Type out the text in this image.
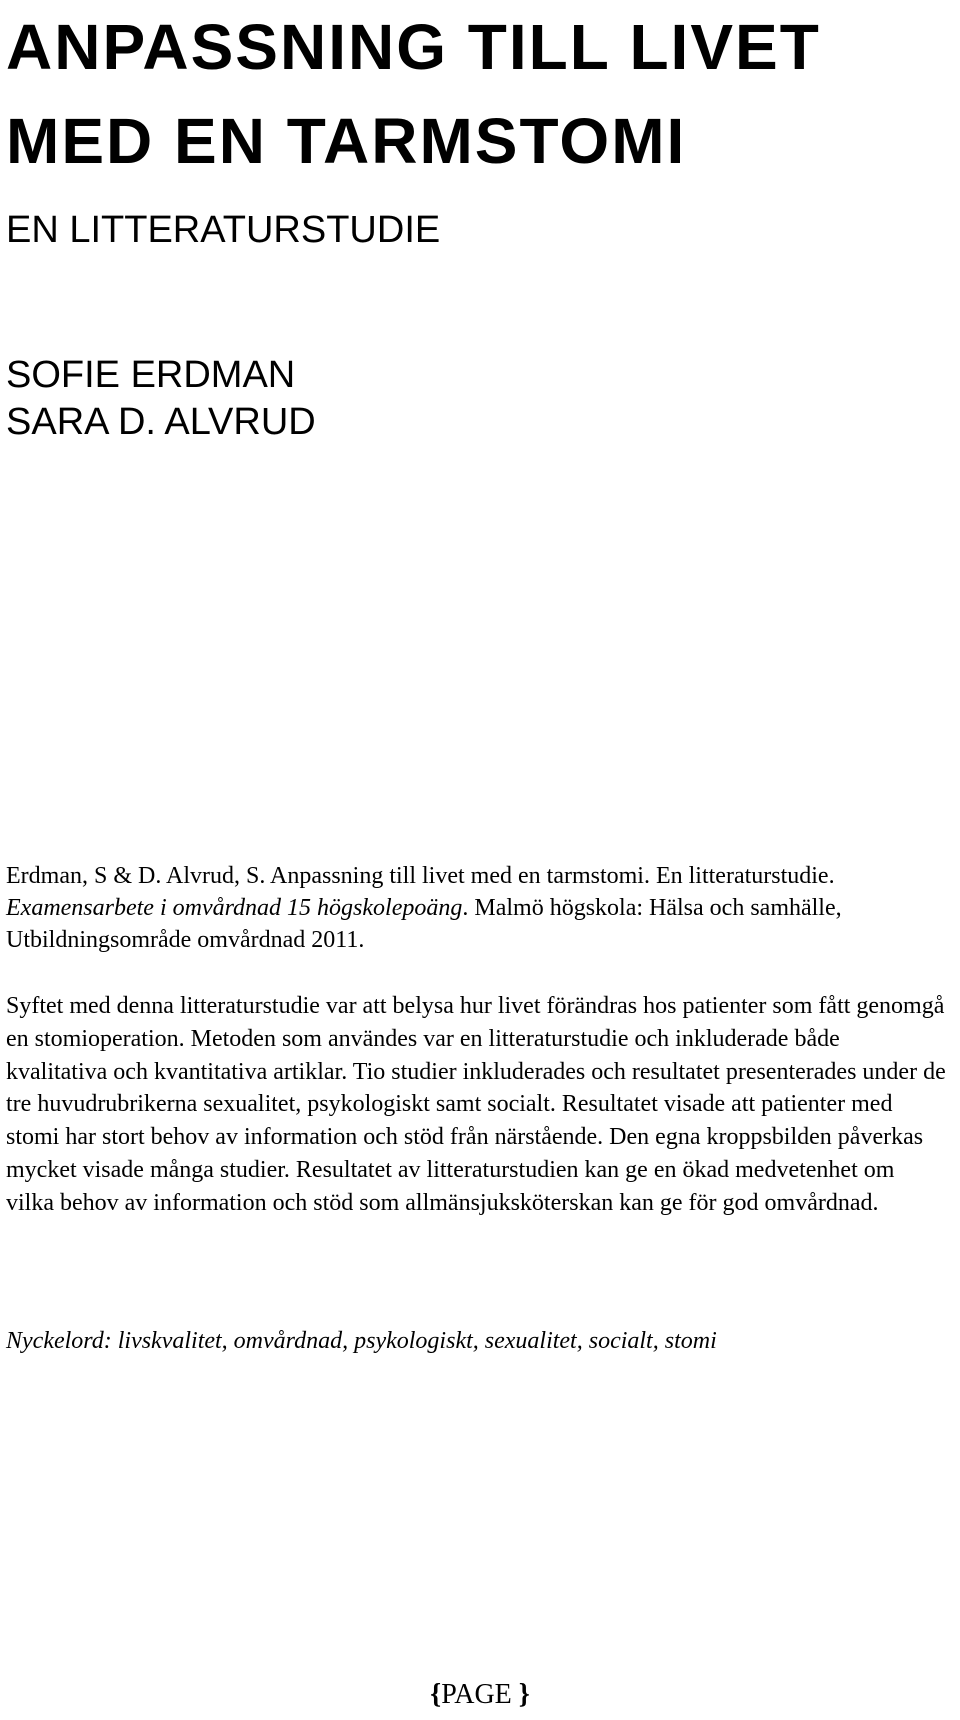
ANPASSNING TILL LIVET
MED EN TARMSTOMI
EN LITTERATURSTUDIE
SOFIE ERDMAN
SARA D. ALVRUD

Erdman, S & D. Alvrud, S. Anpassning till livet med en tarmstomi. En litteraturstudie. Examensarbete i omvårdnad 15 högskolepoäng. Malmö högskola: Hälsa och samhälle, Utbildningsområde omvårdnad 2011.

Syftet med denna litteraturstudie var att belysa hur livet förändras hos patienter som fått genomgå en stomioperation. Metoden som användes var en litteraturstudie och inkluderade både kvalitativa och kvantitativa artiklar. Tio studier inkluderades och resultatet presenterades under de tre huvudrubrikerna sexualitet, psykologiskt samt socialt. Resultatet visade att patienter med stomi har stort behov av information och stöd från närstående. Den egna kroppsbilden påverkas mycket visade många studier. Resultatet av litteraturstudien kan ge en ökad medvetenhet om vilka behov av information och stöd som allmänsjuksköterskan kan ge för god omvårdnad.

Nyckelord: livskvalitet, omvårdnad, psykologiskt, sexualitet, socialt, stomi

{PAGE }
